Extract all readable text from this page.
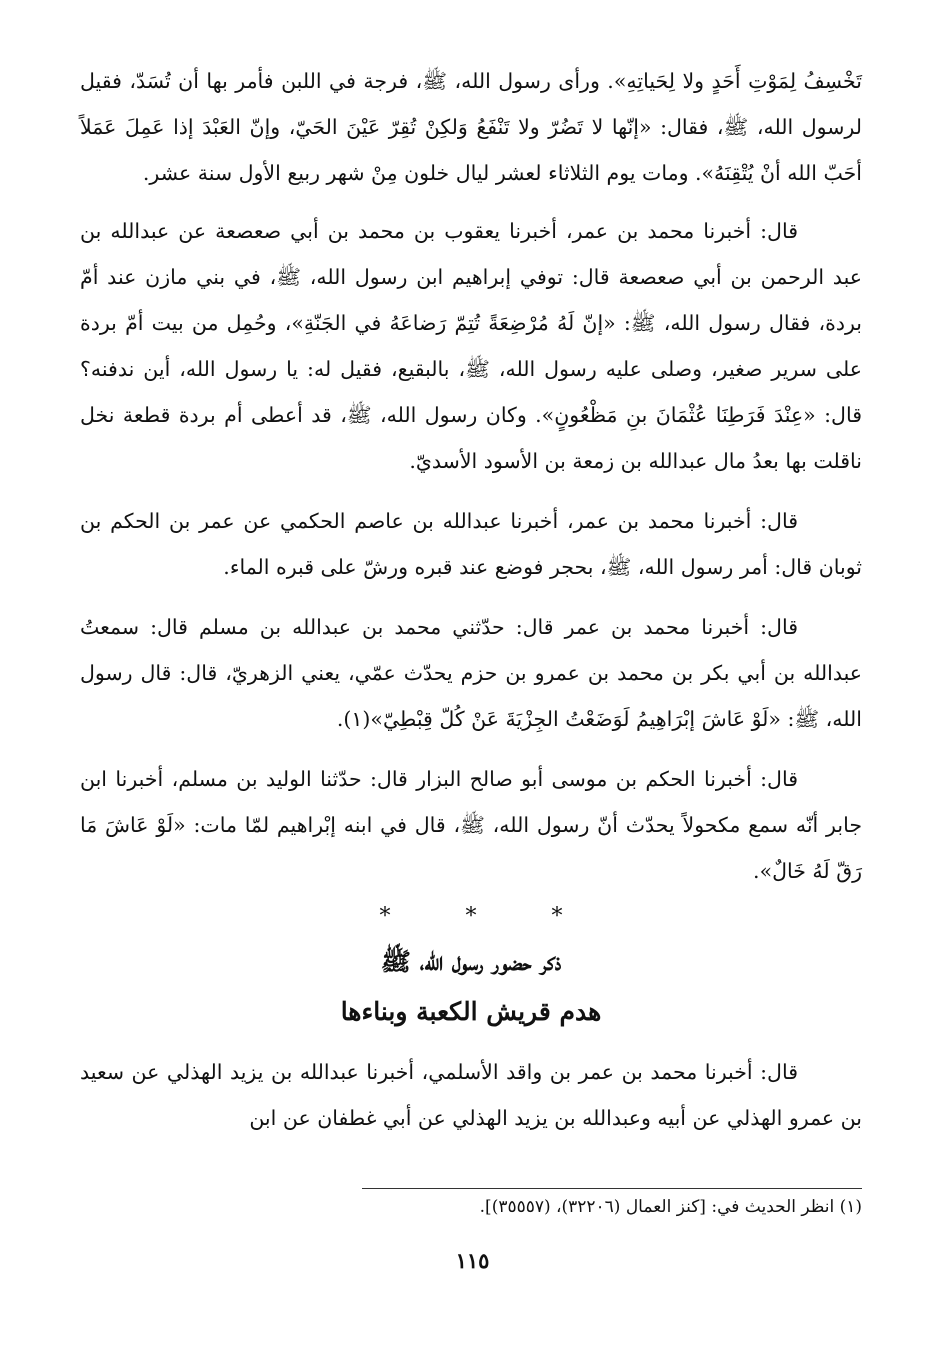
تَخْسِفُ لِمَوْتِ أَحَدٍ ولا لِحَياتِهِ». ورأى رسول الله، ﷺ، فرجة في اللبن فأمر بها أن تُسَدّ، فقيل لرسول الله، ﷺ، فقال: «إنّها لا تَضُرّ ولا تَنْفَعُ وَلكِنْ تُقِرّ عَيْنَ الحَيّ، وإنّ العَبْدَ إذا عَمِلَ عَمَلاً أحَبّ الله أنْ يُتْقِنَهُ». ومات يوم الثلاثاء لعشر ليال خلون مِنْ شهر ربيع الأول سنة عشر.

قال: أخبرنا محمد بن عمر، أخبرنا يعقوب بن محمد بن أبي صعصعة عن عبدالله بن عبد الرحمن بن أبي صعصعة قال: توفي إبراهيم ابن رسول الله، ﷺ، في بني مازن عند أمّ بردة، فقال رسول الله، ﷺ: «إنّ لَهُ مُرْضِعَةً تُتِمّ رَضاعَهُ في الجَنّةِ»، وحُمِل من بيت أمّ بردة على سرير صغير، وصلى عليه رسول الله، ﷺ، بالبقيع، فقيل له: يا رسول الله، أين ندفنه؟ قال: «عِنْدَ فَرَطِنَا عُثْمَانَ بنِ مَظْعُونٍ». وكان رسول الله، ﷺ، قد أعطى أم بردة قطعة نخل ناقلت بها بعدُ مال عبدالله بن زمعة بن الأسود الأسديّ.

قال: أخبرنا محمد بن عمر، أخبرنا عبدالله بن عاصم الحكمي عن عمر بن الحكم بن ثوبان قال: أمر رسول الله، ﷺ، بحجر فوضع عند قبره ورشّ على قبره الماء.

قال: أخبرنا محمد بن عمر قال: حدّثني محمد بن عبدالله بن مسلم قال: سمعتُ عبدالله بن أبي بكر بن محمد بن عمرو بن حزم يحدّث عمّي، يعني الزهريّ، قال: قال رسول الله، ﷺ: «لَوْ عَاشَ إبْرَاهِيمُ لَوَضَعْتُ الجِزْيَةَ عَنْ كُلّ قِبْطِيّ»(١).

قال: أخبرنا الحكم بن موسى أبو صالح البزار قال: حدّثنا الوليد بن مسلم، أخبرنا ابن جابر أنّه سمع مكحولاً يحدّث أنّ رسول الله، ﷺ، قال في ابنه إبْراهيم لمّا مات: «لَوْ عَاشَ مَا رَقّ لَهُ خَالٌ».

* * *
ذكر حضور رسول الله، ﷺ
هدم قريش الكعبة وبناءها

قال: أخبرنا محمد بن عمر بن واقد الأسلمي، أخبرنا عبدالله بن يزيد الهذلي عن سعيد بن عمرو الهذلي عن أبيه وعبدالله بن يزيد الهذلي عن أبي غطفان عن ابن

(١) انظر الحديث في: [كنز العمال (٣٢٢٠٦)، (٣٥٥٥٧)].
١١٥
